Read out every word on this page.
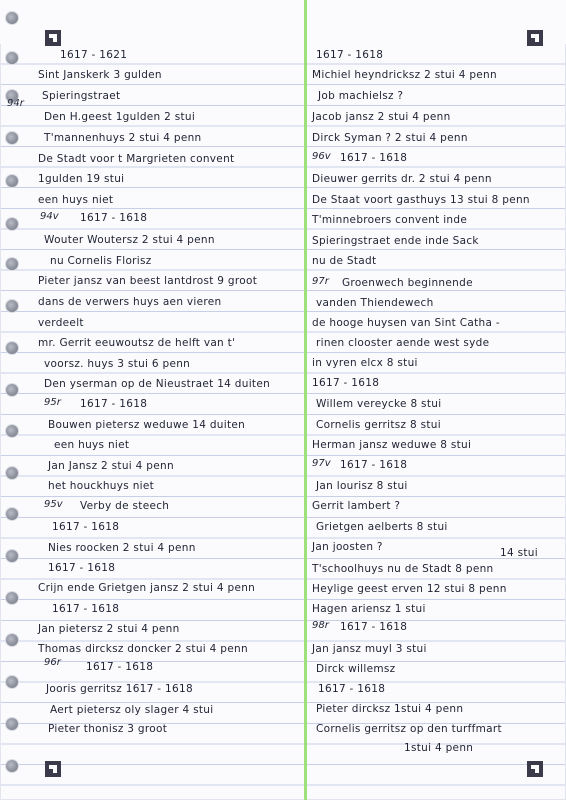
94r
94v
95r
95v
96r
96v
97r
97v
98r
1617 - 1621
Sint Janskerk 3 gulden
Spieringstraet
Den H.geest 1gulden 2 stui
T'mannenhuys 2 stui 4 penn
De Stadt voor t Margrieten convent
1gulden 19 stui
een huys niet
1617 - 1618
Wouter Woutersz 2 stui 4 penn
nu Cornelis Florisz
Pieter jansz van beest lantdrost 9 groot
dans de verwers huys aen vieren
verdeelt
mr. Gerrit eeuwoutsz de helft van t'
voorsz. huys 3 stui 6 penn
Den yserman op de Nieustraet 14 duiten
1617 - 1618
Bouwen pietersz weduwe 14 duiten
een huys niet
Jan Jansz 2 stui 4 penn
het houckhuys niet
Verby de steech
1617 - 1618
Nies roocken 2 stui 4 penn
1617 - 1618
Crijn ende Grietgen jansz 2 stui 4 penn
1617 - 1618
Jan pietersz 2 stui 4 penn
Thomas dircksz doncker 2 stui 4 penn
1617 - 1618
Jooris gerritsz 1617 - 1618
Aert pietersz oly slager 4 stui
Pieter thonisz 3 groot
1617 - 1618
Michiel heyndricksz 2 stui 4 penn
Job machielsz ?
Jacob jansz 2 stui 4 penn
Dirck Syman ? 2 stui 4 penn
1617 - 1618
Dieuwer gerrits dr. 2 stui 4 penn
De Staat voort gasthuys 13 stui 8 penn
T'minnebroers convent inde
Spieringstraet ende inde Sack
nu de Stadt
Groenwech beginnende
vanden Thiendewech
de hooge huysen van Sint Catha -
rinen clooster aende west syde
in vyren elcx 8 stui
1617 - 1618
Willem vereycke 8 stui
Cornelis gerritsz 8 stui
Herman jansz weduwe 8 stui
1617 - 1618
Jan lourisz 8 stui
Gerrit lambert ?
Grietgen aelberts 8 stui
Jan joosten ?	14 stui
T'schoolhuys nu de Stadt 8 penn
Heylige geest erven 12 stui 8 penn
Hagen ariensz 1 stui
1617 - 1618
Jan jansz muyl 3 stui
Dirck willemsz
1617 - 1618
Pieter dircksz 1stui 4 penn
Cornelis gerritsz op den turffmart
1stui 4 penn
